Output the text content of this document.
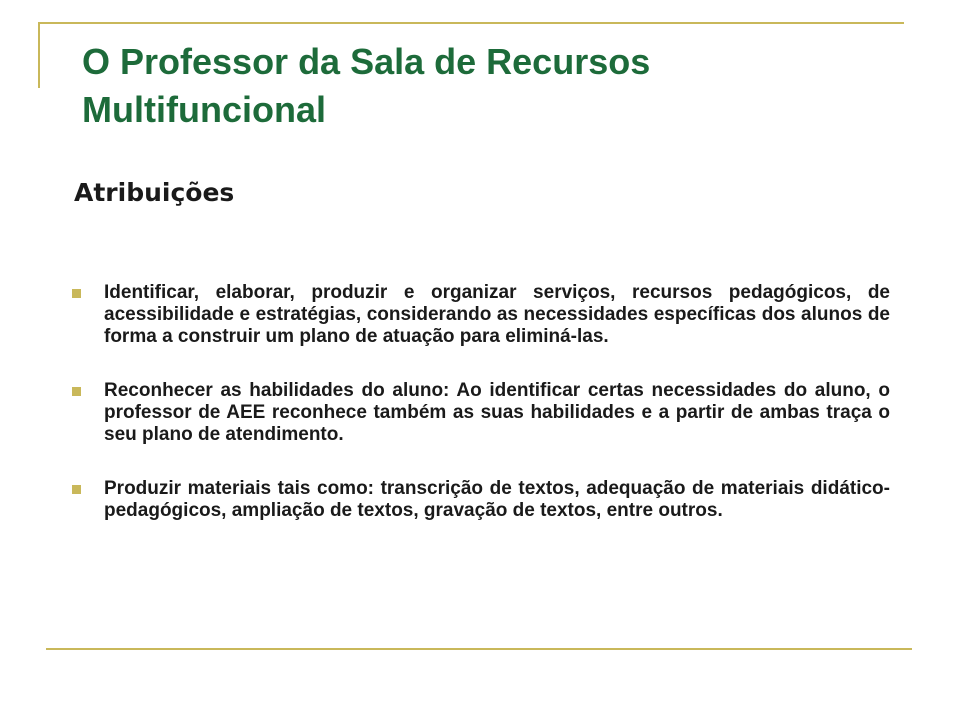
O Professor da Sala de Recursos Multifuncional
Atribuições
Identificar, elaborar, produzir e organizar serviços, recursos pedagógicos, de acessibilidade e estratégias, considerando as necessidades específicas dos alunos de forma a construir um plano de atuação para eliminá-las.
Reconhecer as habilidades do aluno: Ao identificar certas necessidades do aluno, o professor de AEE reconhece também as suas habilidades e a partir de ambas traça o seu plano de atendimento.
Produzir materiais tais como: transcrição de textos, adequação de materiais didático-pedagógicos, ampliação de textos, gravação de textos, entre outros.
